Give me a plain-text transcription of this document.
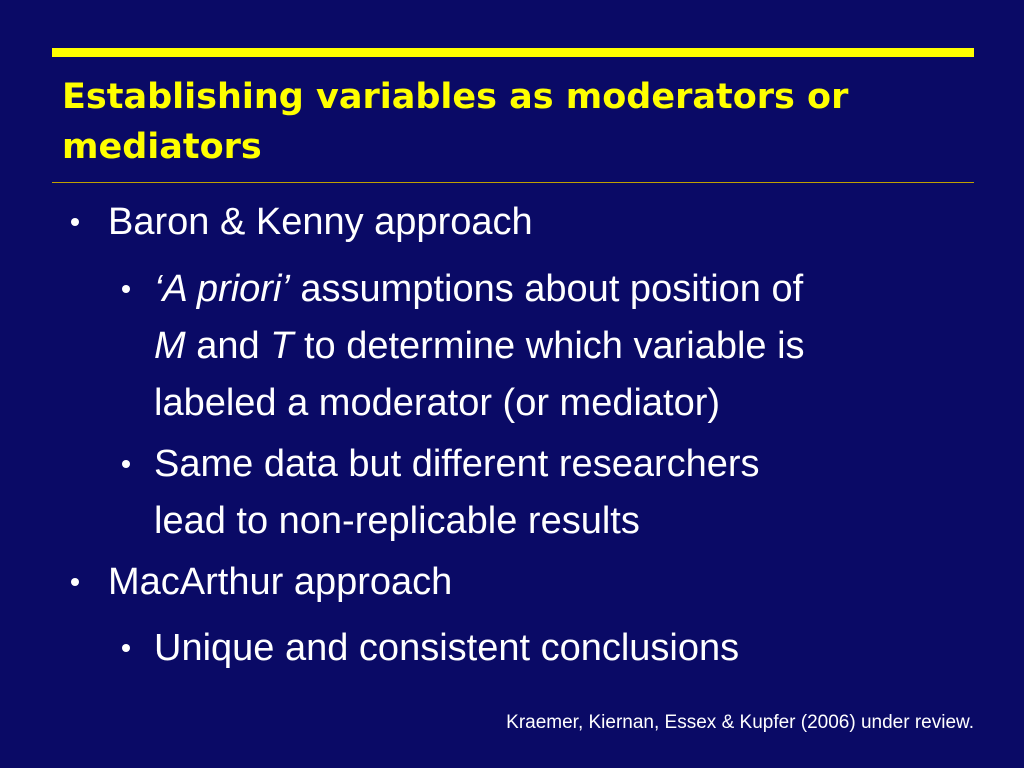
Establishing variables as moderators or mediators
Baron & Kenny approach
‘A priori’ assumptions about position of
M and T to determine which variable is
labeled a moderator (or mediator)
Same data but different researchers
lead to non-replicable results
MacArthur approach
Unique and consistent conclusions
Kraemer, Kiernan, Essex & Kupfer (2006) under review.
